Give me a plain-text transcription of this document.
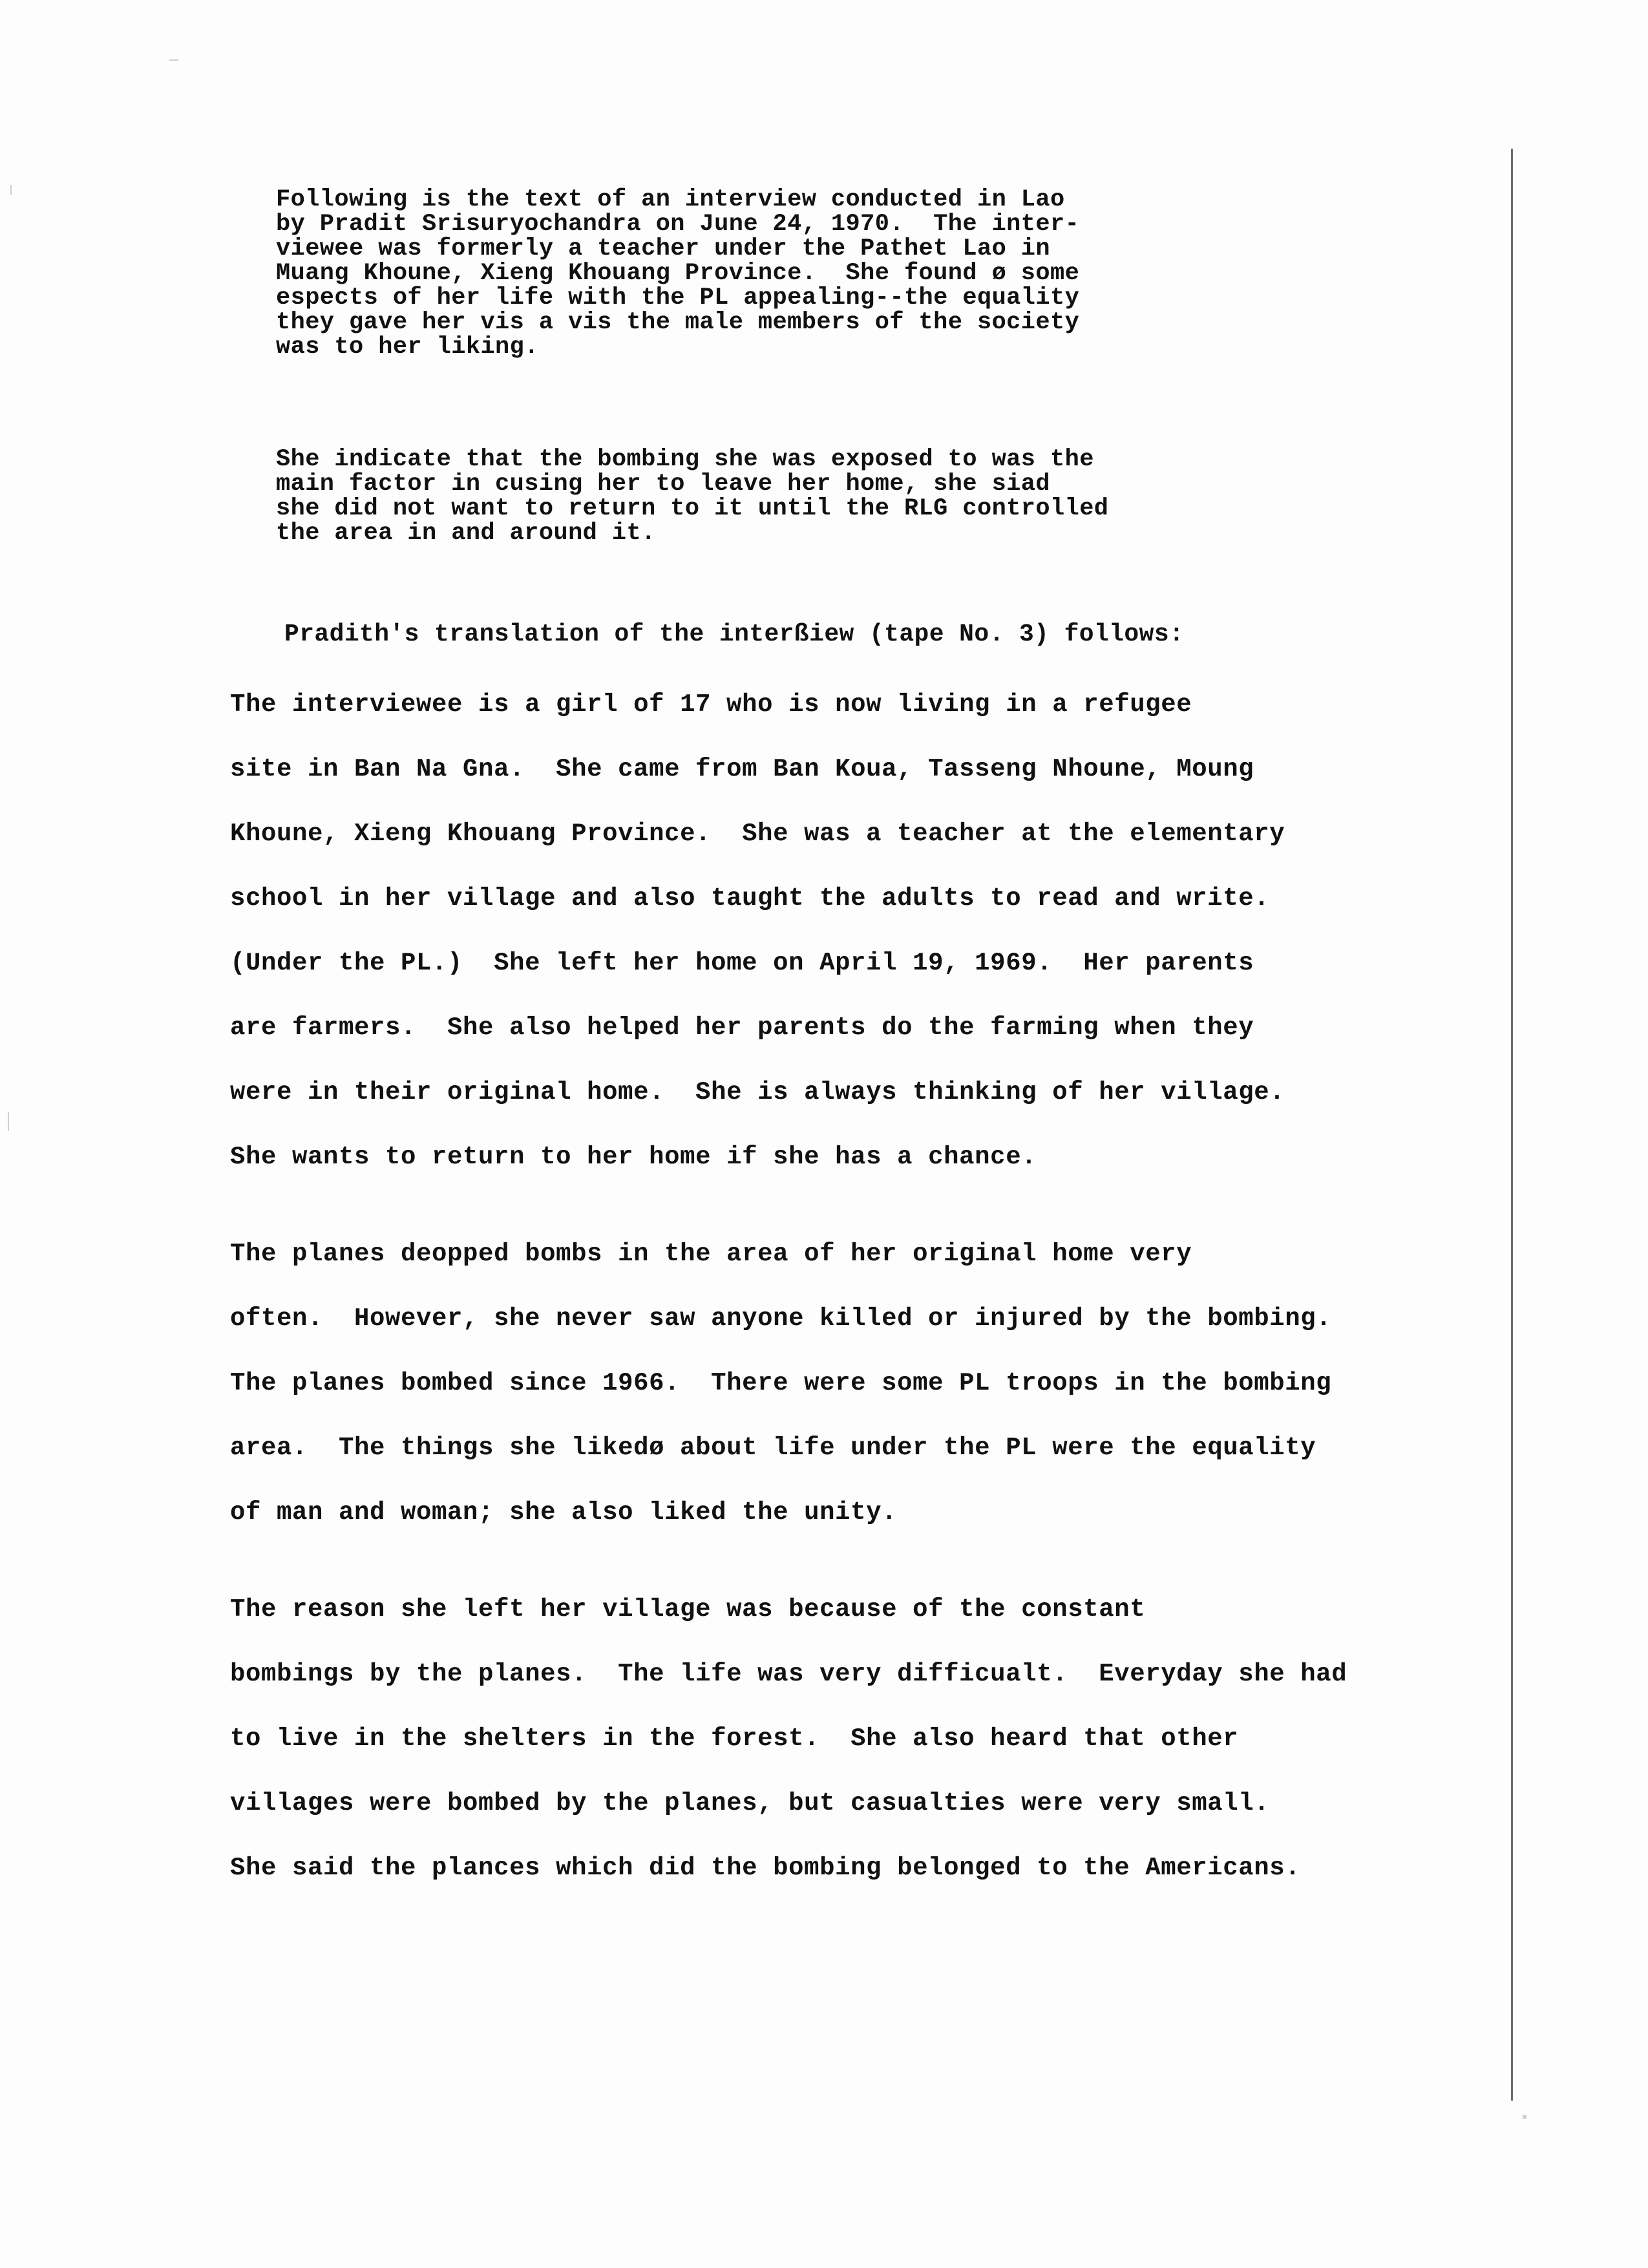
Following is the text of an interview conducted in Lao
by Pradit Srisuryochandra on June 24, 1970.  The inter-
viewee was formerly a teacher under the Pathet Lao in
Muang Khoune, Xieng Khouang Province.  She found ø some
espects of her life with the PL appealing--the equality
they gave her vis a vis the male members of the society
was to her liking.
She indicate that the bombing she was exposed to was the
main factor in cusing her to leave her home, she siad
she did not want to return to it until the RLG controlled
the area in and around it.
Pradith's translation of the interßiew (tape No. 3) follows:
The interviewee is a girl of 17 who is now living in a refugee
site in Ban Na Gna.  She came from Ban Koua, Tasseng Nhoune, Moung
Khoune, Xieng Khouang Province.  She was a teacher at the elementary
school in her village and also taught the adults to read and write.
(Under the PL.)  She left her home on April 19, 1969.  Her parents
are farmers.  She also helped her parents do the farming when they
were in their original home.  She is always thinking of her village.
She wants to return to her home if she has a chance.
The planes deopped bombs in the area of her original home very
often.  However, she never saw anyone killed or injured by the bombing.
The planes bombed since 1966.  There were some PL troops in the bombing
area.  The things she likedø about life under the PL were the equality
of man and woman; she also liked the unity.
The reason she left her village was because of the constant
bombings by the planes.  The life was very difficualt.  Everyday she had
to live in the shelters in the forest.  She also heard that other
villages were bombed by the planes, but casualties were very small.
She said the plances which did the bombing belonged to the Americans.
